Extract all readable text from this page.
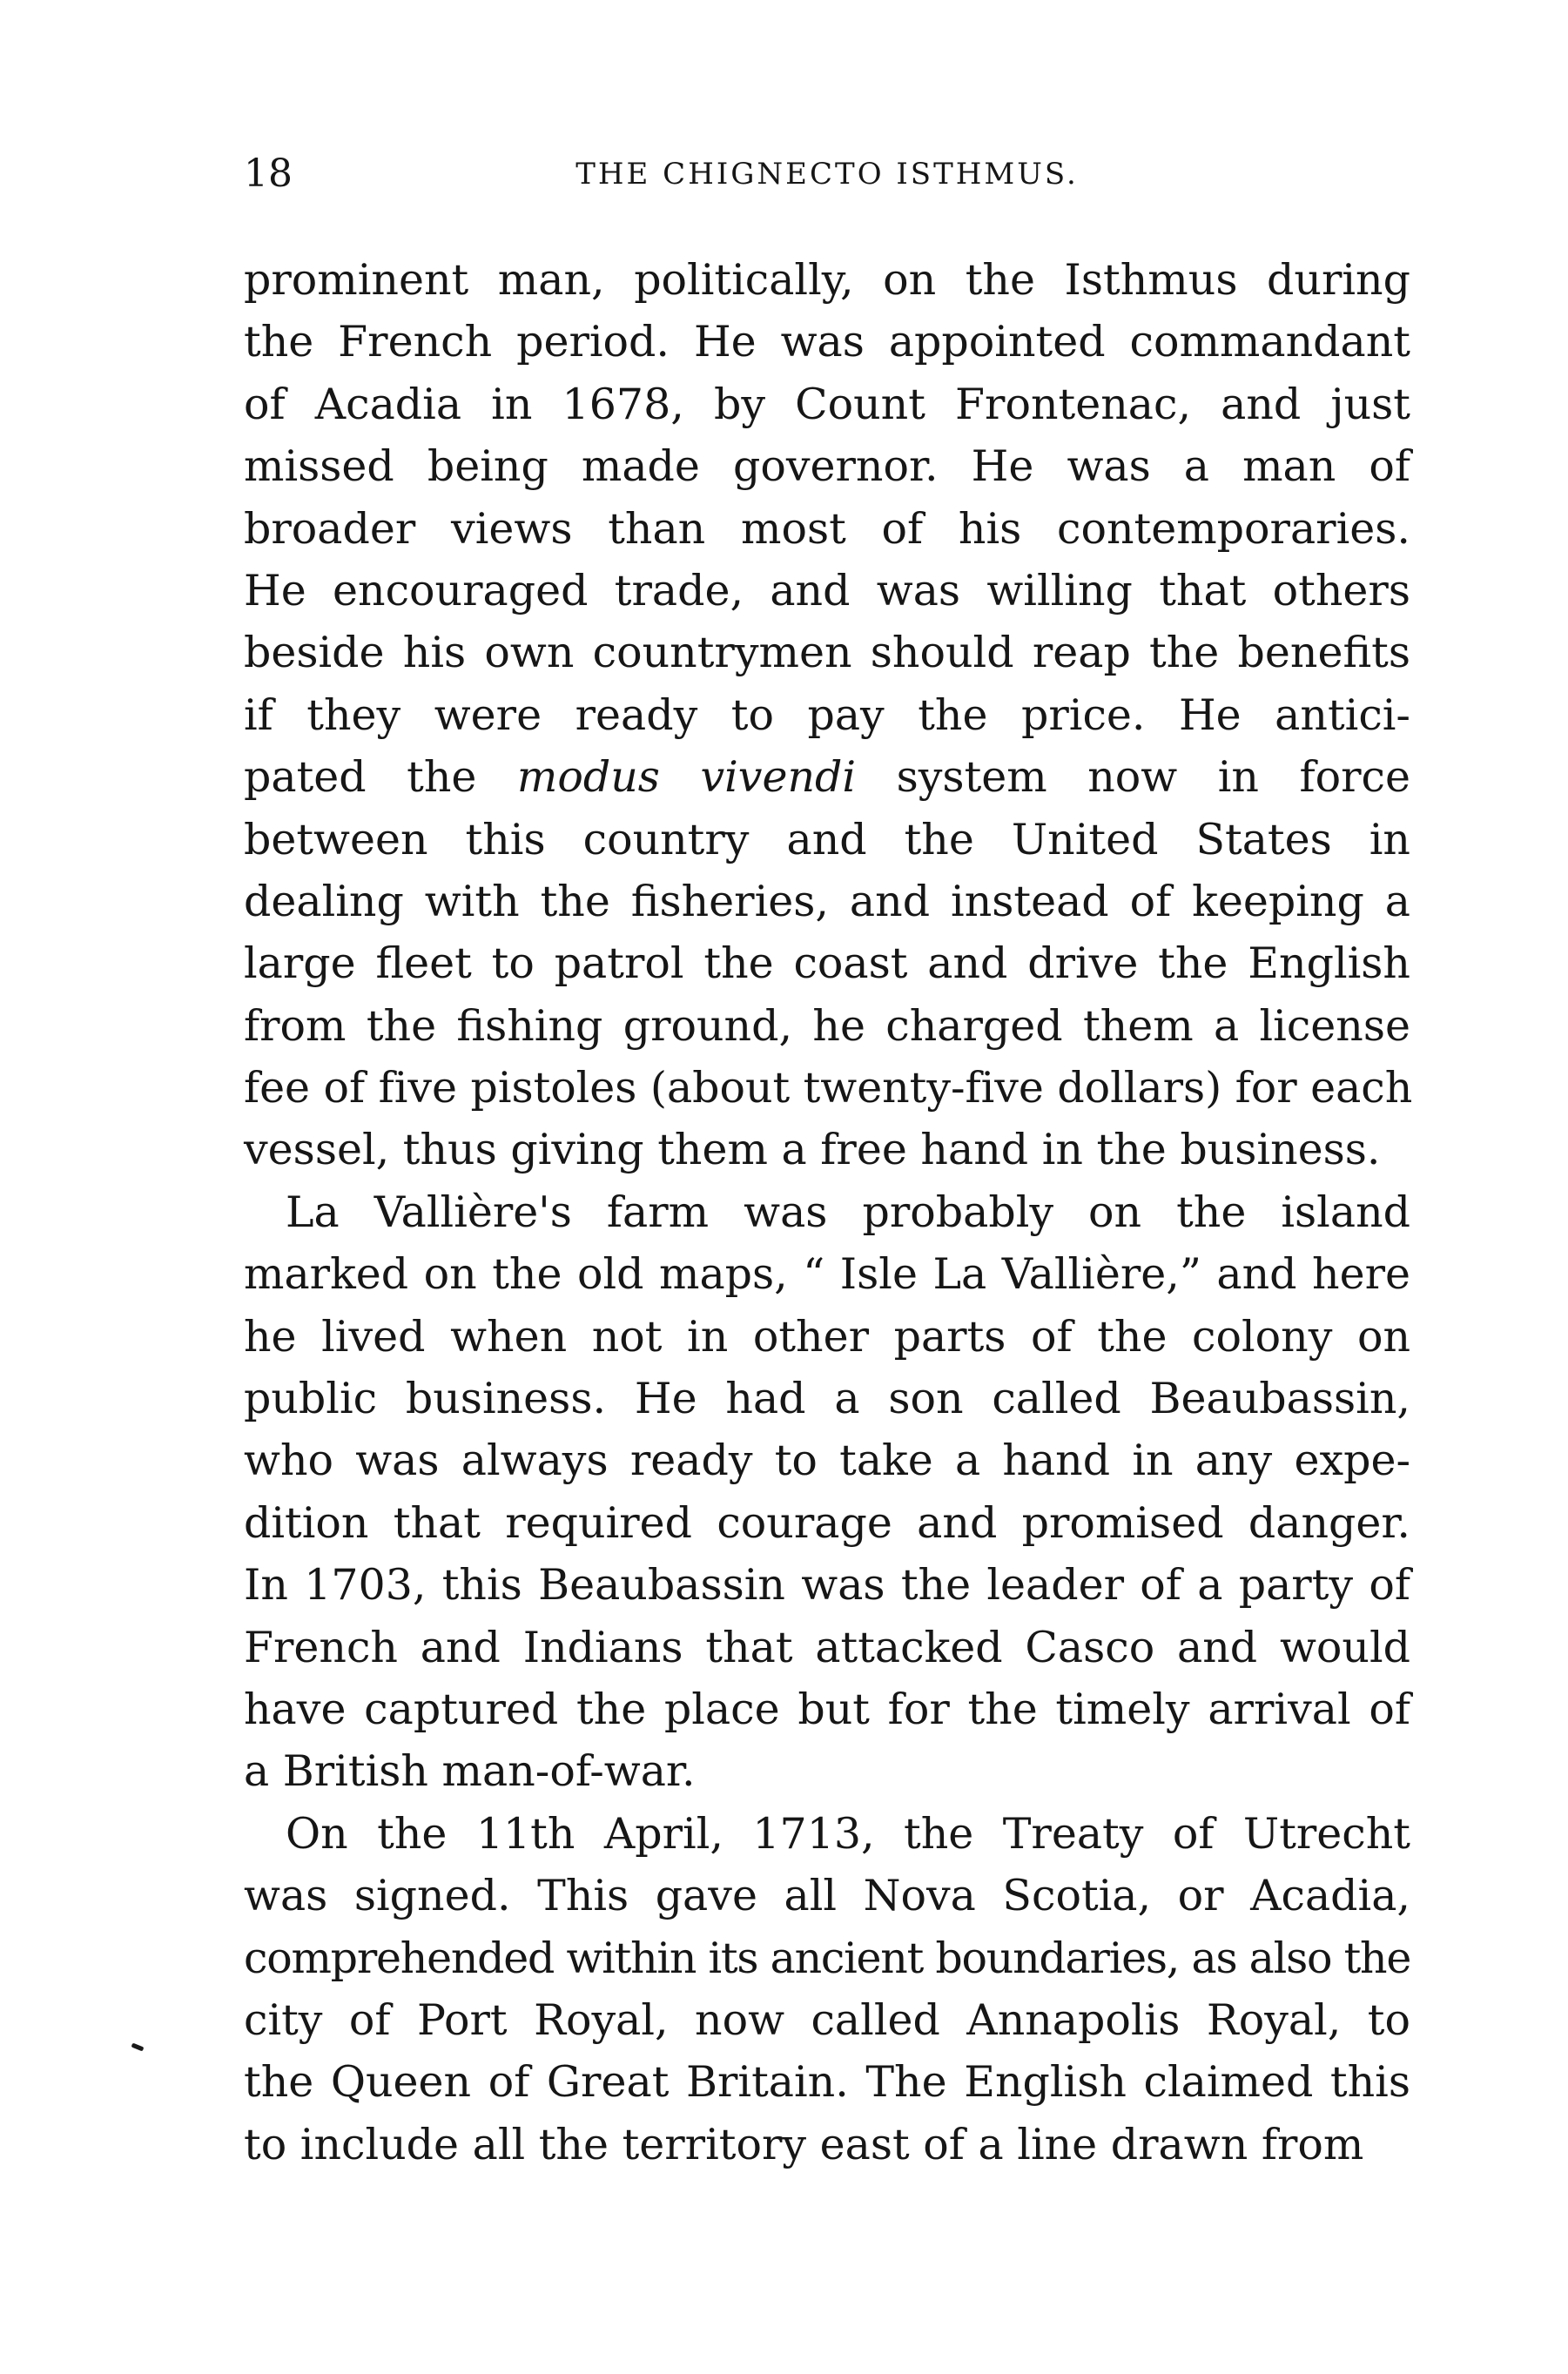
18	THE CHIGNECTO ISTHMUS.
prominent man, politically, on the Isthmus during
the French period. He was appointed commandant
of Acadia in 1678, by Count Frontenac, and just
missed being made governor. He was a man of
broader views than most of his contemporaries.
He encouraged trade, and was willing that others
beside his own countrymen should reap the benefits
if they were ready to pay the price. He antici-
pated the modus vivendi system now in force
between this country and the United States in
dealing with the fisheries, and instead of keeping a
large fleet to patrol the coast and drive the English
from the fishing ground, he charged them a license
fee of five pistoles (about twenty-five dollars) for each
vessel, thus giving them a free hand in the business.
La Vallière's farm was probably on the island
marked on the old maps, “ Isle La Vallière,” and here
he lived when not in other parts of the colony on
public business. He had a son called Beaubassin,
who was always ready to take a hand in any expe-
dition that required courage and promised danger.
In 1703, this Beaubassin was the leader of a party of
French and Indians that attacked Casco and would
have captured the place but for the timely arrival of
a British man-of-war.
On the 11th April, 1713, the Treaty of Utrecht
was signed. This gave all Nova Scotia, or Acadia,
comprehended within its ancient boundaries, as also the
city of Port Royal, now called Annapolis Royal, to
the Queen of Great Britain. The English claimed this
to include all the territory east of a line drawn from
